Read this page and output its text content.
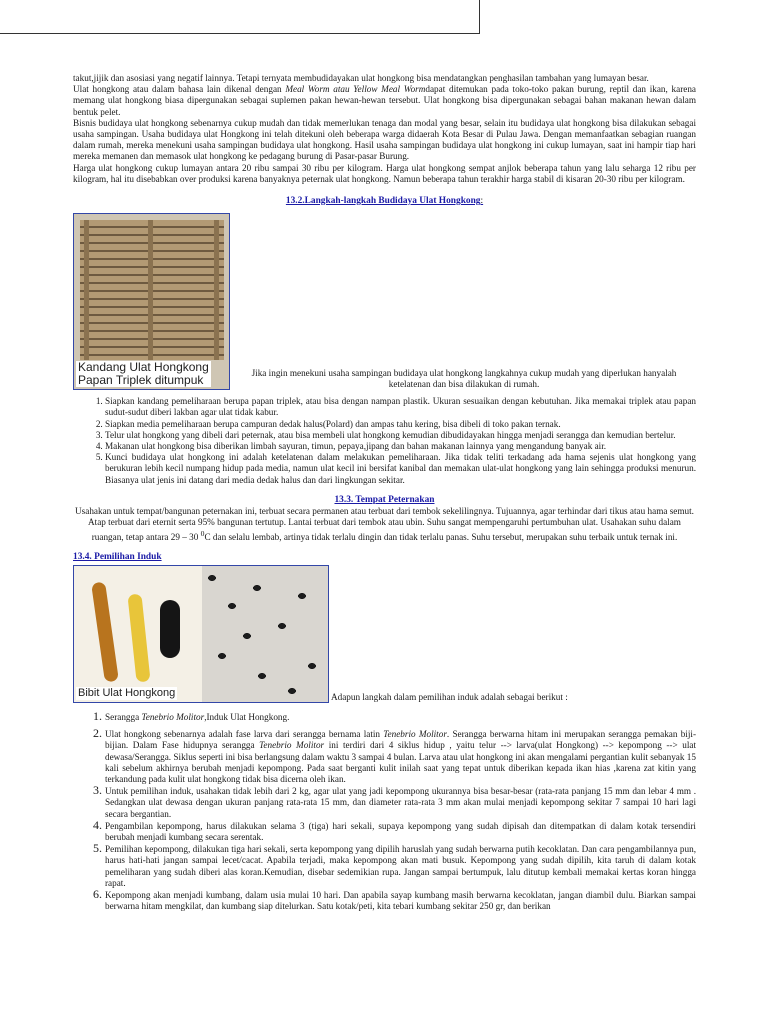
takut,jijik dan asosiasi yang negatif lainnya. Tetapi ternyata membudidayakan ulat hongkong bisa mendatangkan penghasilan tambahan yang lumayan besar.

Ulat hongkong atau dalam bahasa lain dikenal dengan Meal Worm atau Yellow Meal Wormdapat ditemukan pada toko-toko pakan burung, reptil dan ikan, karena memang ulat hongkong biasa dipergunakan sebagai suplemen pakan hewan-hewan tersebut. Ulat hongkong bisa dipergunakan sebagai bahan makanan hewan dalam bentuk pelet.

Bisnis budidaya ulat hongkong sebenarnya cukup mudah dan tidak memerlukan tenaga dan modal yang besar, selain itu budidaya ulat hongkong bisa dilakukan sebagai usaha sampingan. Usaha budidaya ulat Hongkong ini telah ditekuni oleh beberapa warga didaerah Kota Besar di Pulau Jawa. Dengan memanfaatkan sebagian ruangan dalam rumah, mereka menekuni usaha sampingan budidaya ulat hongkong. Hasil usaha sampingan budidaya ulat hongkong ini cukup lumayan, saat ini hampir tiap hari mereka memanen dan memasok ulat hongkong ke pedagang burung di Pasar-pasar Burung.

Harga ulat hongkong cukup lumayan antara 20 ribu sampai 30 ribu per kilogram. Harga ulat hongkong sempat anjlok beberapa tahun yang lalu seharga 12 ribu per kilogram, hal itu disebabkan over produksi karena banyaknya peternak ulat hongkong. Namun beberapa tahun terakhir harga stabil di kisaran 20-30 ribu per kilogram.

13.2.Langkah-langkah Budidaya Ulat Hongkong:

Kandang Ulat Hongkong
Papan Triplek ditumpuk
Jika ingin menekuni usaha sampingan budidaya ulat hongkong langkahnya cukup mudah yang diperlukan hanyalah ketelatenan dan bisa dilakukan di rumah.
1. Siapkan kandang pemeliharaan berupa papan triplek, atau bisa dengan nampan plastik. Ukuran sesuaikan dengan kebutuhan. Jika memakai triplek atau papan sudut-sudut diberi lakban agar ulat tidak kabur.
2. Siapkan media pemeliharaan berupa campuran dedak halus(Polard) dan ampas tahu kering, bisa dibeli di toko pakan ternak.
3. Telur ulat hongkong yang dibeli dari peternak, atau bisa membeli ulat hongkong kemudian dibudidayakan hingga menjadi serangga dan kemudian bertelur.
4. Makanan ulat hongkong bisa diberikan limbah sayuran, timun, pepaya,jipang dan bahan makanan lainnya yang mengandung banyak air.
5. Kunci budidaya ulat hongkong ini adalah ketelatenan dalam melakukan pemeliharaan. Jika tidak teliti terkadang ada hama sejenis ulat hongkong yang berukuran lebih kecil numpang hidup pada media, namun ulat kecil ini bersifat kanibal dan memakan ulat-ulat hongkong yang lain sehingga produksi menurun. Biasanya ulat jenis ini datang dari media dedak halus dan dari lingkungan sekitar.

13.3. Tempat Peternakan

Usahakan untuk tempat/bangunan peternakan ini, terbuat secara permanen atau terbuat dari tembok sekelilingnya. Tujuannya, agar terhindar dari tikus atau hama semut. Atap terbuat dari eternit serta 95% bangunan tertutup. Lantai terbuat dari tembok atau ubin. Suhu sangat mempengaruhi pertumbuhan ulat. Usahakan suhu dalam ruangan, tetap antara 29 – 30 $^0$C dan selalu lembab, artinya tidak terlalu dingin dan tidak terlalu panas. Suhu tersebut, merupakan suhu terbaik untuk ternak ini.

13.4. Pemilihan Induk

Bibit Ulat Hongkong	Adapun langkah dalam pemilihan induk adalah sebagai berikut :
1. Serangga Tenebrio Molitor,Induk Ulat Hongkong.
2. Ulat hongkong sebenarnya adalah fase larva dari serangga bernama latin Tenebrio Molitor. Serangga berwarna hitam ini merupakan serangga pemakan biji-bijian. Dalam Fase hidupnya serangga Tenebrio Molitor ini terdiri dari 4 siklus hidup , yaitu telur --> larva(ulat Hongkong) --> kepompong --> ulat dewasa/Serangga. Siklus seperti ini bisa berlangsung dalam waktu 3 sampai 4 bulan. Larva atau ulat hongkong ini akan mengalami pergantian kulit sebanyak 15 kali sebelum akhirnya berubah menjadi kepompong. Pada saat berganti kulit inilah saat yang tepat untuk diberikan kepada ikan hias ,karena zat kitin yang terkandung pada kulit ulat hongkong tidak bisa dicerna oleh ikan.
3. Untuk pemilihan induk, usahakan tidak lebih dari 2 kg, agar ulat yang jadi kepompong ukurannya bisa besar-besar (rata-rata panjang 15 mm dan lebar 4 mm . Sedangkan ulat dewasa dengan ukuran panjang rata-rata 15 mm, dan diameter rata-rata 3 mm akan mulai menjadi kepompong sekitar 7 sampai 10 hari lagi secara bergantian.
4. Pengambilan kepompong, harus dilakukan selama 3 (tiga) hari sekali, supaya kepompong yang sudah dipisah dan ditempatkan di dalam kotak tersendiri berubah menjadi kumbang secara serentak.
5. Pemilihan kepompong, dilakukan tiga hari sekali, serta kepompong yang dipilih haruslah yang sudah berwarna putih kecoklatan. Dan cara pengambilannya pun, harus hati-hati jangan sampai lecet/cacat. Apabila terjadi, maka kepompong akan mati busuk. Kepompong yang sudah dipilih, kita taruh di dalam kotak pemeliharan yang sudah diberi alas koran.Kemudian, disebar sedemikian rupa. Jangan sampai bertumpuk, lalu ditutup kembali memakai kertas koran hingga rapat.
6. Kepompong akan menjadi kumbang, dalam usia mulai 10 hari. Dan apabila sayap kumbang masih berwarna kecoklatan, jangan diambil dulu. Biarkan sampai berwarna hitam mengkilat, dan kumbang siap ditelurkan. Satu kotak/peti, kita tebari kumbang sekitar 250 gr, dan berikan
